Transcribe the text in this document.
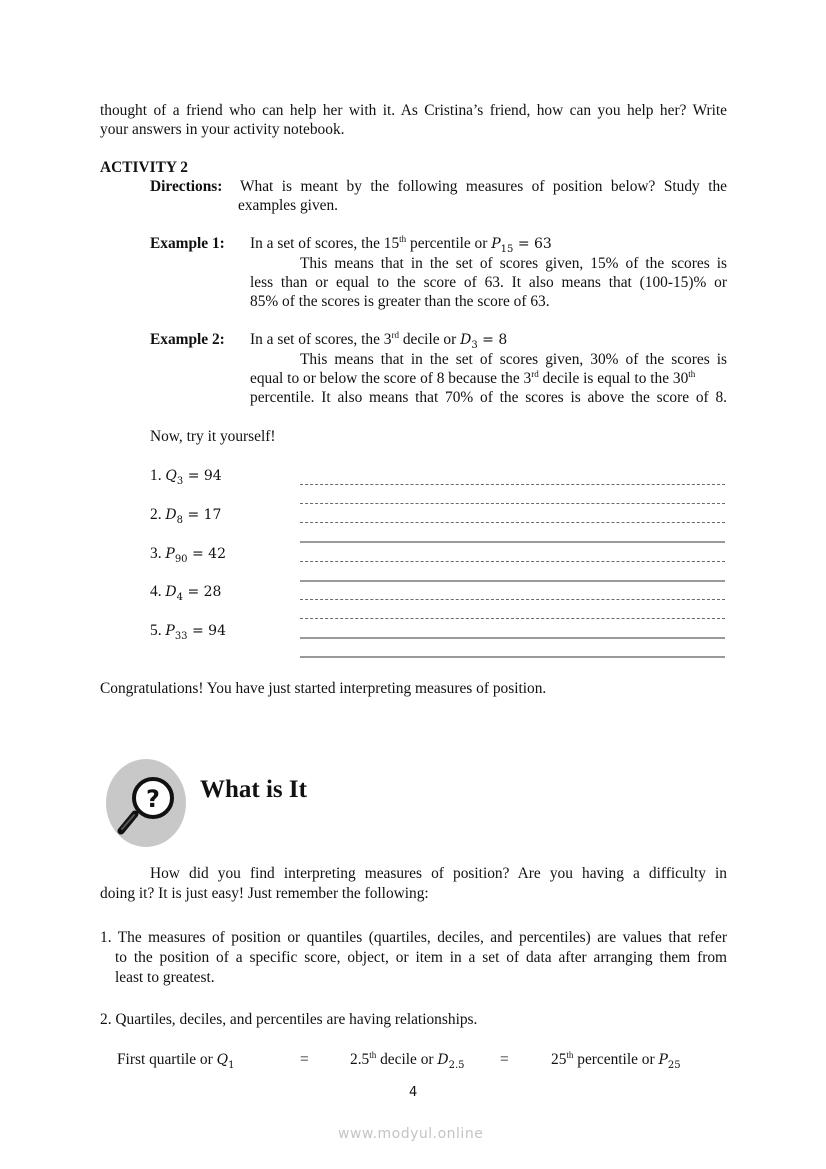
thought of a friend who can help her with it. As Cristina’s friend, how can you help her? Write
your answers in your activity notebook.
ACTIVITY 2
Directions: What is meant by the following measures of position below? Study the
examples given.
Example 1: In a set of scores, the 15th percentile or $P_{15} = 63$
This means that in the set of scores given, 15% of the scores is
less than or equal to the score of 63. It also means that (100-15)% or
85% of the scores is greater than the score of 63.
Example 2: In a set of scores, the 3rd decile or $D_3 = 8$
This means that in the set of scores given, 30% of the scores is
equal to or below the score of 8 because the 3rd decile is equal to the 30th
percentile. It also means that 70% of the scores is above the score of 8.
Now, try it yourself!
1. $Q_3 = 94$
2. $D_8 = 17$
3. $P_{90} = 42$
4. $D_4 = 28$
5. $P_{33} = 94$
Congratulations! You have just started interpreting measures of position.
? What is It
How did you find interpreting measures of position? Are you having a difficulty in
doing it? It is just easy! Just remember the following:
1. The measures of position or quantiles (quartiles, deciles, and percentiles) are values that refer
to the position of a specific score, object, or item in a set of data after arranging them from
least to greatest.
2. Quartiles, deciles, and percentiles are having relationships.
First quartile or $Q_1$	=	2.5th decile or $D_{2.5}$ =	25th percentile or $P_{25}$
4
www.modyul.online
